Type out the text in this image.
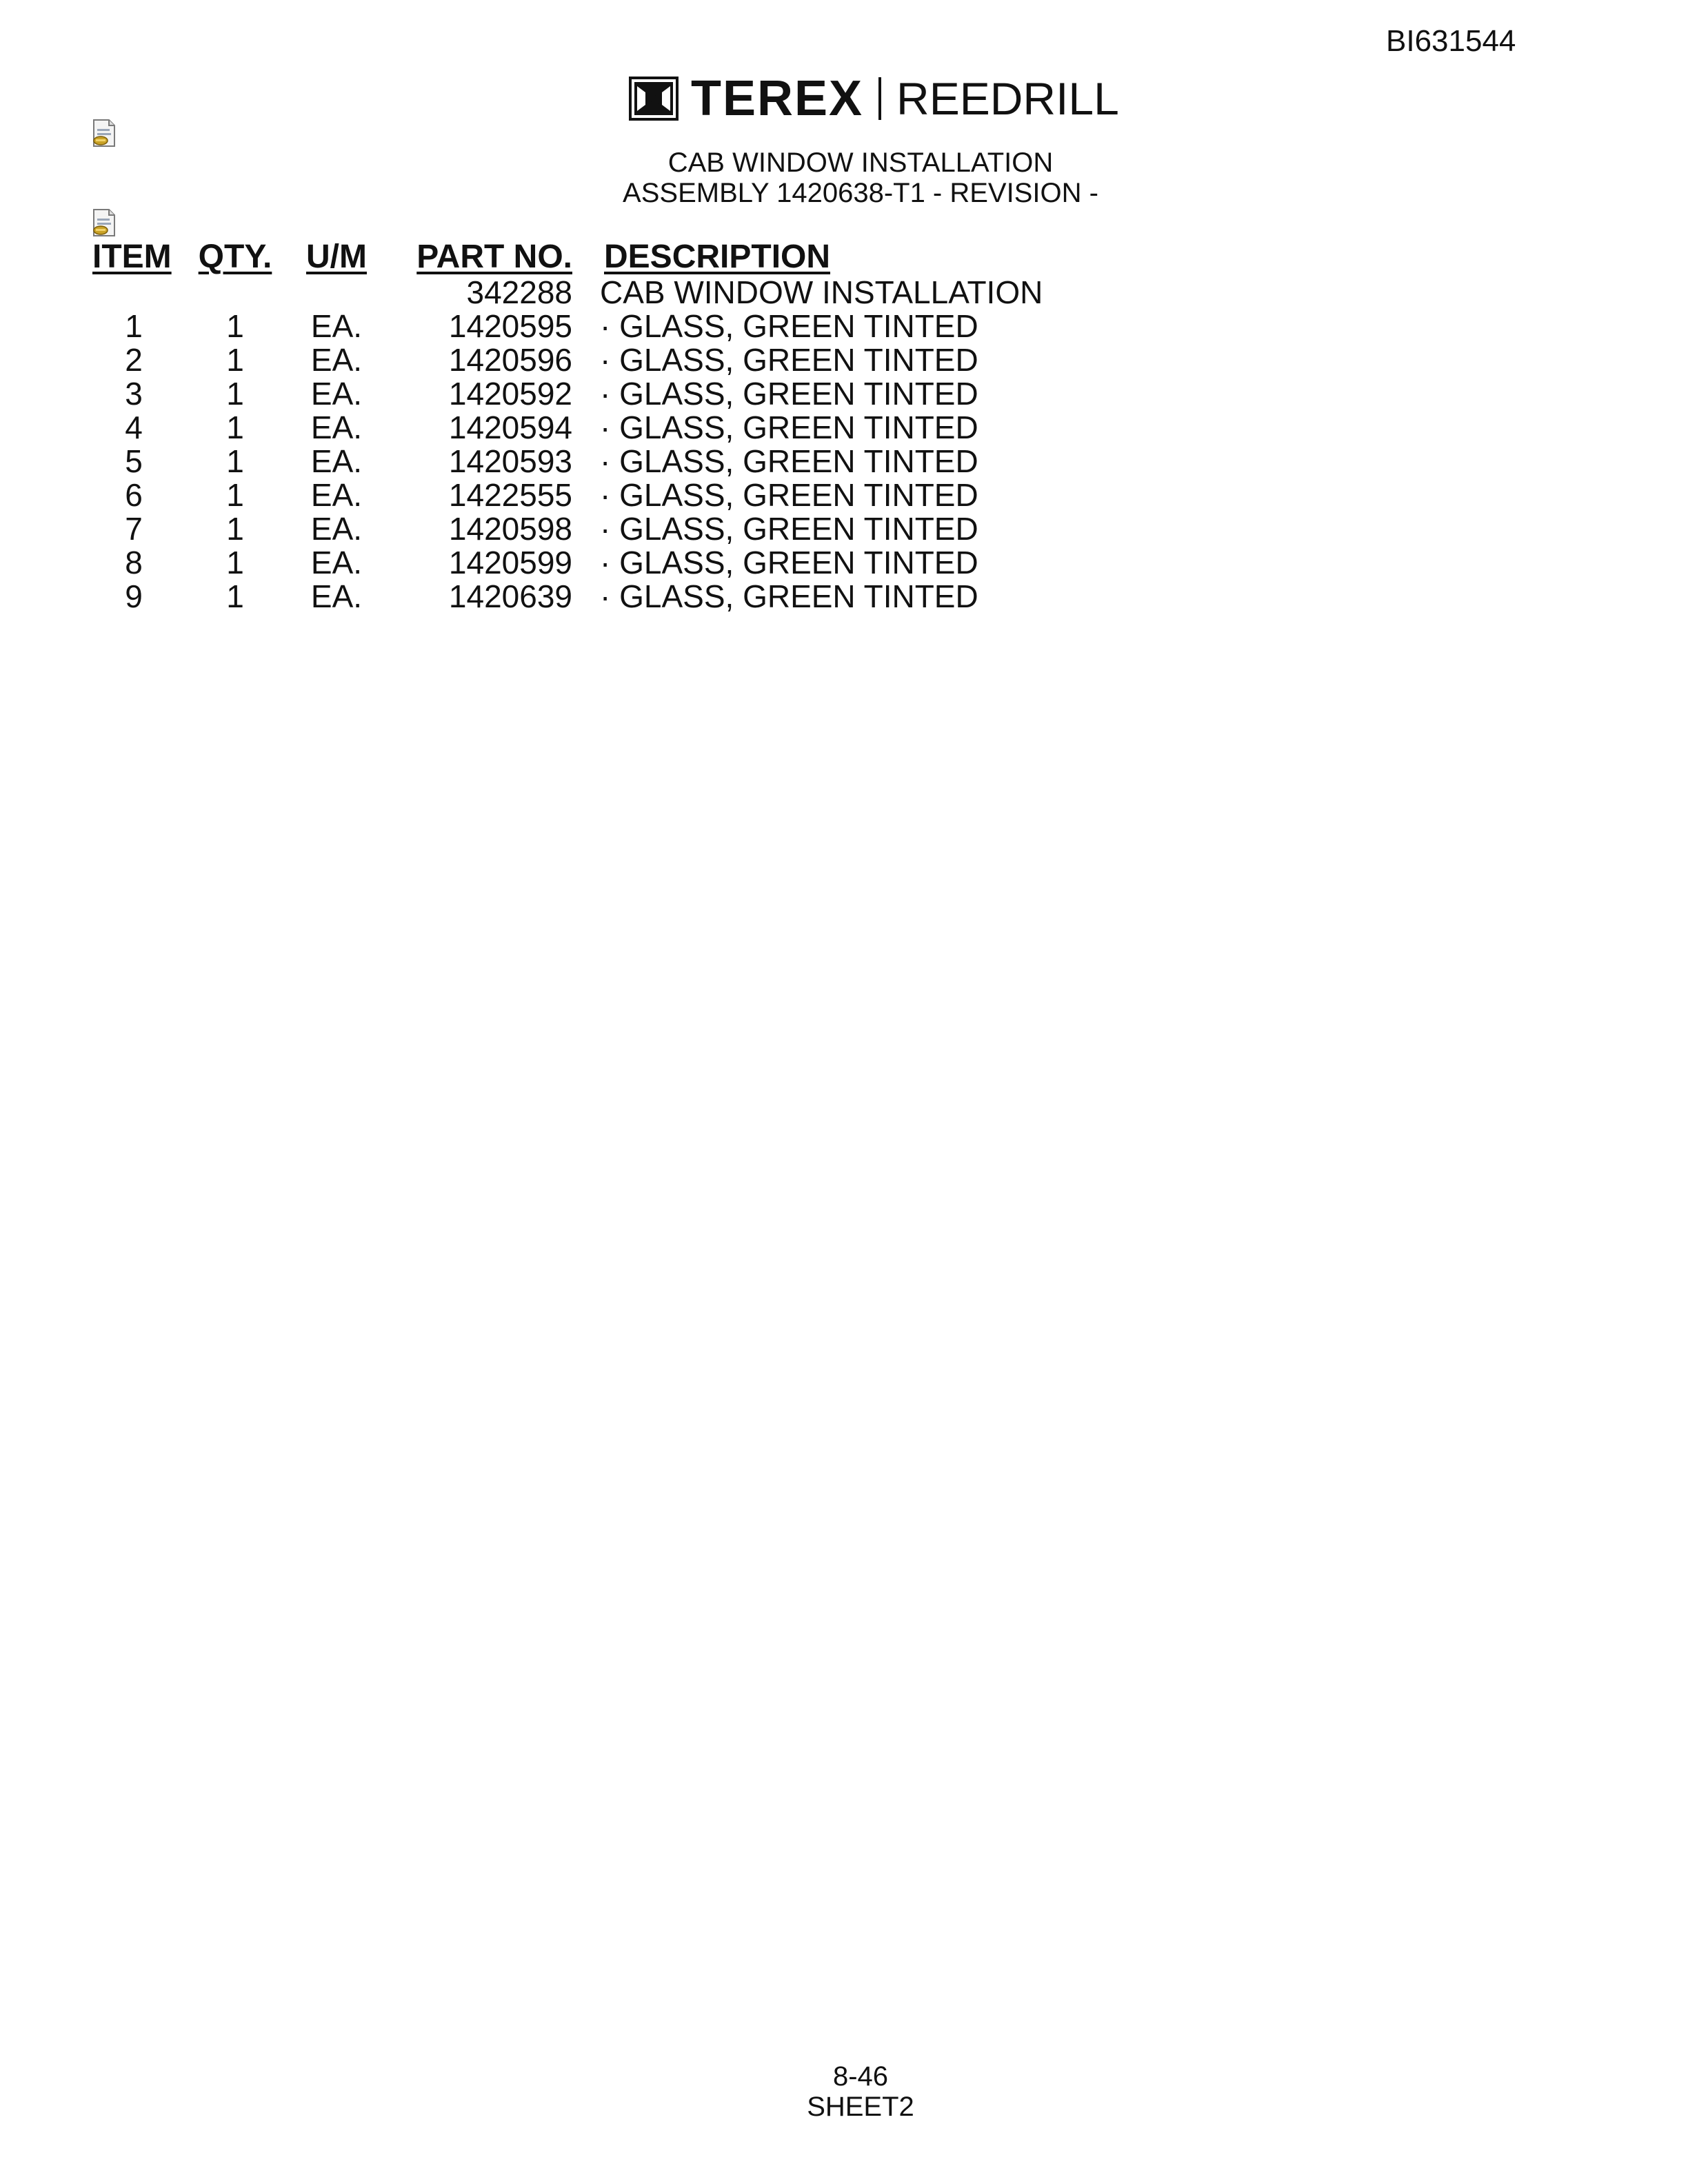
BI631544
TEREX REEDRILL
CAB WINDOW INSTALLATION
ASSEMBLY 1420638-T1 - REVISION -
ITEM	QTY.	U/M	PART NO.	DESCRIPTION
			342288	CAB WINDOW INSTALLATION
1	1	EA.	1420595	· GLASS, GREEN TINTED
2	1	EA.	1420596	· GLASS, GREEN TINTED
3	1	EA.	1420592	· GLASS, GREEN TINTED
4	1	EA.	1420594	· GLASS, GREEN TINTED
5	1	EA.	1420593	· GLASS, GREEN TINTED
6	1	EA.	1422555	· GLASS, GREEN TINTED
7	1	EA.	1420598	· GLASS, GREEN TINTED
8	1	EA.	1420599	· GLASS, GREEN TINTED
9	1	EA.	1420639	· GLASS, GREEN TINTED
8-46
SHEET2
